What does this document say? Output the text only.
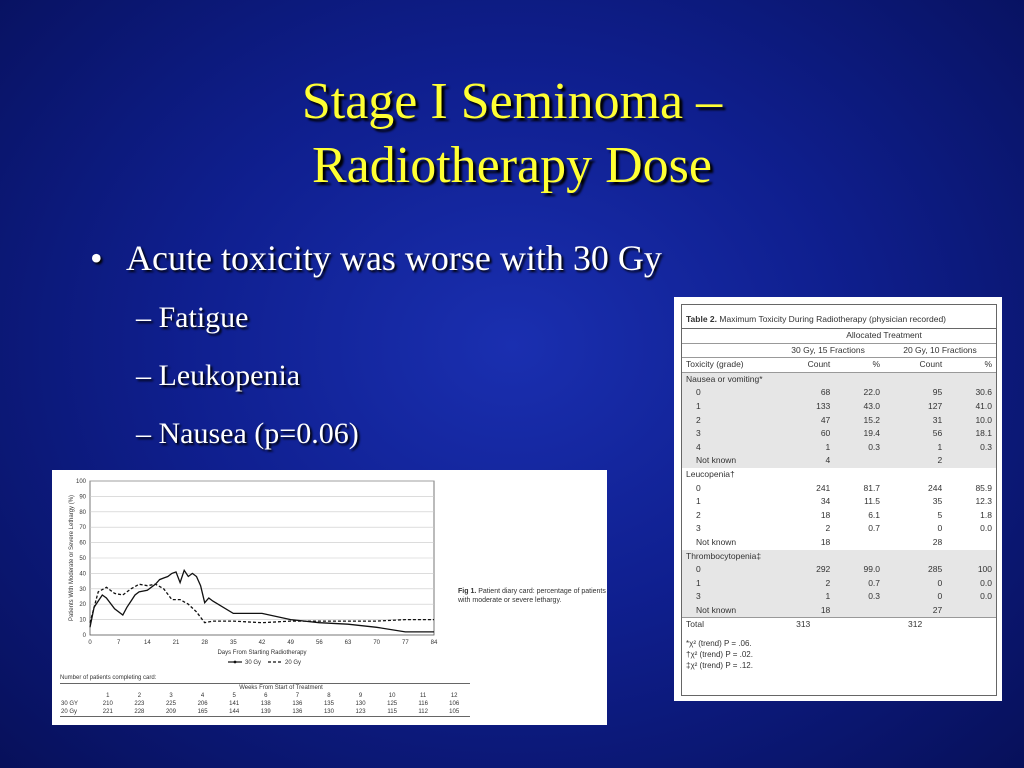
Stage I Seminoma –
Radiotherapy Dose
• Acute toxicity was worse with 30 Gy
– Fatigue
– Leukopenia
– Nausea (p=0.06)
0
10
20
30
40
50
60
70
80
90
100
0	7	14	21	28	35	42	49	56	63	70	77	84
Days From Starting Radiotherapy
Patients With Moderate or Severe Lethargy (%)
30 Gy	20 Gy
Fig 1. Patient diary card: percentage of patients with moderate or severe lethargy.
Number of patients completing card:
	Weeks From Start of Treatment											
	1	2	3	4	5	6	7	8	9	10	11	12
30 GY	210	223	225	206	141	138	136	135	130	125	116	106
20 Gy	221	228	209	165	144	139	136	130	123	115	112	105
Table 2. Maximum Toxicity During Radiotherapy (physician recorded)
	Allocated Treatment			
	30 Gy, 15 Fractions		20 Gy, 10 Fractions	
Toxicity (grade)	Count	%	Count	%
Nausea or vomiting*				
0	68	22.0	95	30.6
1	133	43.0	127	41.0
2	47	15.2	31	10.0
3	60	19.4	56	18.1
4	1	0.3	1	0.3
Not known	4		2	
Leucopenia†				
0	241	81.7	244	85.9
1	34	11.5	35	12.3
2	18	6.1	5	1.8
3	2	0.7	0	0.0
Not known	18		28	
Thrombocytopenia‡				
0	292	99.0	285	100
1	2	0.7	0	0.0
3	1	0.3	0	0.0
Not known	18		27	
Total	313		312	
*χ² (trend) P = .06.
†χ² (trend) P = .02.
‡χ² (trend) P = .12.
